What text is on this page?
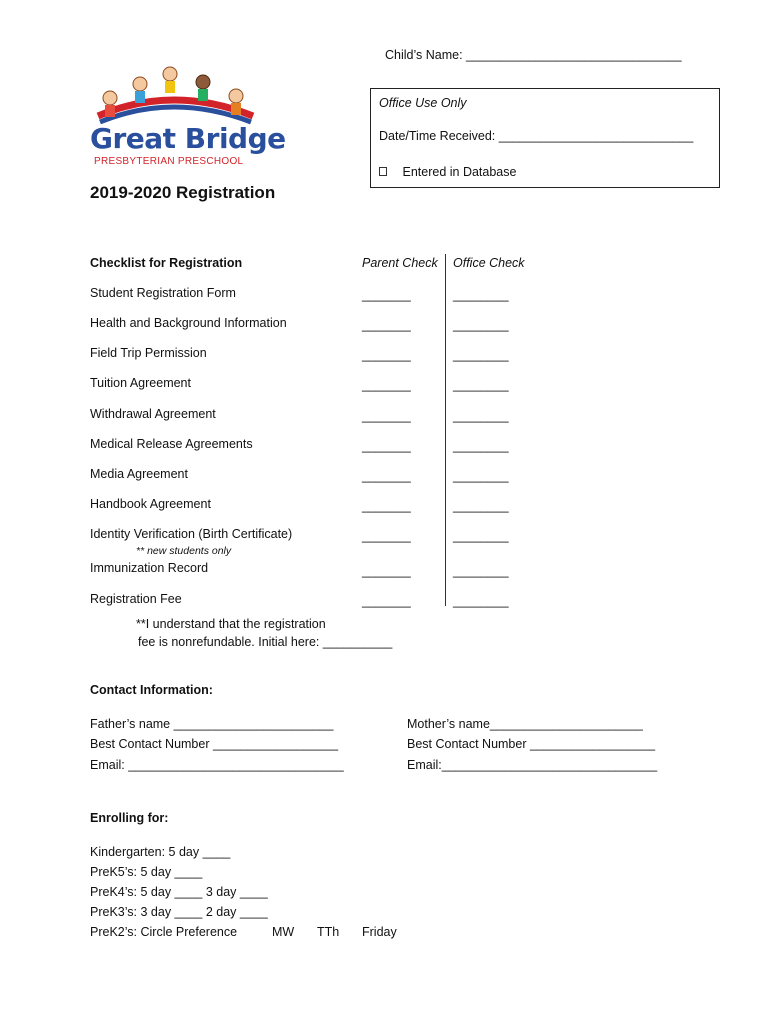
Child’s Name: _______________________________
Great Bridge
PRESBYTERIAN PRESCHOOL
Office Use Only
Date/Time Received: ____________________________
Entered in Database
2019-2020 Registration
Checklist for Registration	Parent Check Office Check
Student Registration Form
Health and Background Information
Field Trip Permission
Tuition Agreement
Withdrawal Agreement
Medical Release Agreements
Media Agreement
Handbook Agreement
Identity Verification (Birth Certificate)
** new students only
Immunization Record
Registration Fee
_______
_______
_______
_______
_______
_______
_______
_______
_______
_______
_______
________
________
________
________
________
________
________
________
________
________
________
**I understand that the registration
fee is nonrefundable. Initial here: __________
Contact Information:
Father’s name _______________________
Best Contact Number __________________
Email: _______________________________
Mother’s name______________________
Best Contact Number __________________
Email:_______________________________
Enrolling for:
Kindergarten: 5 day ____
PreK5’s: 5 day ____
PreK4’s: 5 day ____ 3 day ____
PreK3’s: 3 day ____ 2 day ____
PreK2’s: Circle Preference	MW TTh Friday
